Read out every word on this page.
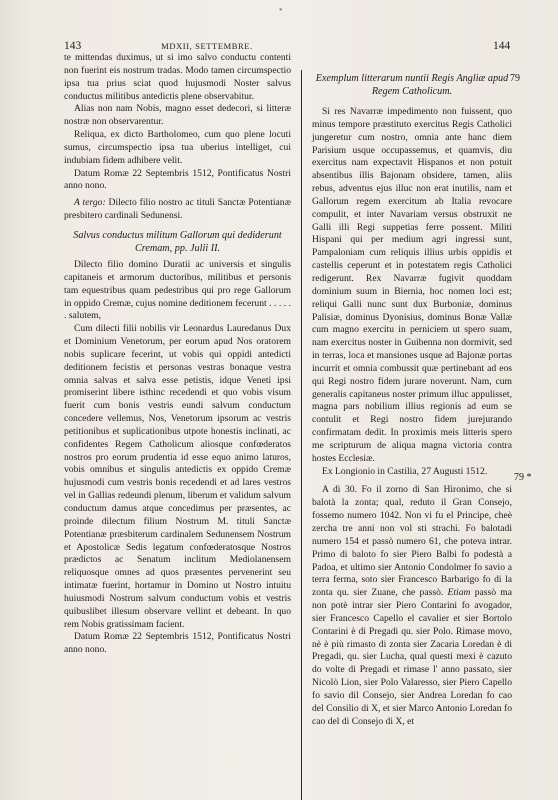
*
143	MDXII, SETTEMBRE.	144

te mittendas duximus, ut si imo salvo conductu contenti non fuerint eis nostrum tradas. Modo tamen circumspectio ipsa tua prius sciat quod hujusmodi Noster salvus conductus militibus antedictis plene observabitur.

Alias non nam Nobis, magno esset dedecori, si litteræ nostræ non observarentur.

Reliqua, ex dicto Bartholomeo, cum quo plene locuti sumus, circumspectio ipsa tua uberius intelliget, cui indubiam fidem adhibere velit.

Datum Romæ 22 Septembris 1512, Pontificatus Nostri anno nono.

A tergo: Dilecto filio nostro ac tituli Sanctæ Potentianæ presbitero cardinali Sedunensi.

Salvus conductus militum Gallorum qui dediderunt Cremam, pp. Julii II.

Dilecto filio domino Duratii ac universis et singulis capitaneis et armorum ductoribus, militibus et personis tam equestribus quam pedestribus qui pro rege Gallorum in oppido Cremæ, cujus nomine deditionem fecerunt . . . . . . salutem,

Cum dilecti filii nobilis vir Leonardus Lauredanus Dux et Dominium Venetorum, per eorum apud Nos oratorem nobis suplicare fecerint, ut vobis qui oppidi antedicti deditionem fecistis et personas vestras bonaque vestra omnia salvas et salva esse petistis, idque Veneti ipsi promiserint libere isthinc recedendi et quo vobis visum fuerit cum bonis vestris eundi salvum conductum concedere vellemus, Nos, Venetorum ipsorum ac vestris petitionibus et suplicationibus utpote honestis inclinati, ac confidentes Regem Catholicum aliosque confœderatos nostros pro eorum prudentia id esse equo animo laturos, vobis omnibus et singulis antedictis ex oppido Cremæ hujusmodi cum vestris bonis recedendi et ad lares vestros vel in Gallias redeundi plenum, liberum et validum salvum conductum damus atque concedimus per præsentes, ac proinde dilectum filium Nostrum M. tituli Sanctæ Potentianæ præsbiterum cardinalem Sedunensem Nostrum et Apostolicæ Sedis legatum confœderatosque Nostros prædictos ac Senatum inclitum Mediolanensem reliquosque omnes ad quos præsentes pervenerint seu intimatæ fuerint, hortamur in Domino ut Nostro intuitu huiusmodi Nostrum salvum conductum vobis et vestris quibuslibet illesum observare vellint et debeant. In quo rem Nobis gratissimam facient.

Datum Romæ 22 Septembris 1512, Pontificatus Nostri anno nono.

79
79 *
Exemplum litterarum nuntii Regis Angliæ apud Regem Catholicum.

Si res Navarræ impedimento non fuissent, quo minus tempore præstituto exercitus Regis Catholici jungeretur cum nostro, omnia ante hanc diem Parisium usque occupassemus, et quamvis, diu exercitus nam expectavit Hispanos et non potuit absentibus illis Bajonam obsidere, tamen, aliis rebus, adventus ejus illuc non erat inutilis, nam et Gallorum regem exercitum ab Italia revocare compulit, et inter Navariam versus obstruxit ne Galli illi Regi suppetias ferre possent. Militi Hispani qui per medium agri ingressi sunt, Pampaloniam cum reliquis illius urbis oppidis et castellis ceperunt et in potestatem regis Catholici redigerunt. Rex Navarræ fugivit quoddam dominium suum in Biernia, hoc nomen loci est; reliqui Galli nunc sunt dux Burboniæ, dominus Palisiæ, dominus Dyonisius, dominus Bonæ Vallæ cum magno exercitu in perniciem ut spero suam, nam exercitus noster in Guibenna non dormivit, sed in terras, loca et mansiones usque ad Bajonæ portas incurrit et omnia combussit quæ pertinebant ad eos qui Regi nostro fidem jurare noverunt. Nam, cum generalis capitaneus noster primum illuc appulisset, magna pars nobilium illius regionis ad eum se contulit et Regi nostro fidem jurejurando confirmatam dedit. In proximis meis litteris spero me scripturum de aliqua magna victoria contra hostes Ecclesiæ.

Ex Longionio in Castilia, 27 Augusti 1512.

A dì 30. Fo il zorno di San Hironimo, che si balotà la zonta; qual, reduto il Gran Consejo, fossemo numero 1042. Non vi fu el Principe, cheè zercha tre anni non vol sti strachi. Fo balotadi numero 154 et passò numero 61, che poteva intrar. Primo di baloto fo sier Piero Balbi fo podestà a Padoa, et ultimo sier Antonio Condolmer fo savio a terra ferma, soto sier Francesco Barbarigo fo di la zonta qu. sier Zuane, che passò. Etiam passò ma non potè intrar sier Piero Contarini fo avogador, sier Francesco Capello el cavalier et sier Bortolo Contarini è di Pregadi qu. sier Polo. Rimase movo, nè è più rimasto di zonta sier Zacaria Loredan è di Pregadi, qu. sier Lucha, qual questi mexi è cazuto do volte di Pregadi et rimase l' anno passato, sier Nicolò Lion, sier Polo Valaresso, sier Piero Capello fo savio dil Consejo, sier Andrea Loredan fo cao del Consilio di X, et sier Marco Antonio Loredan fo cao del di Consejo di X, et
